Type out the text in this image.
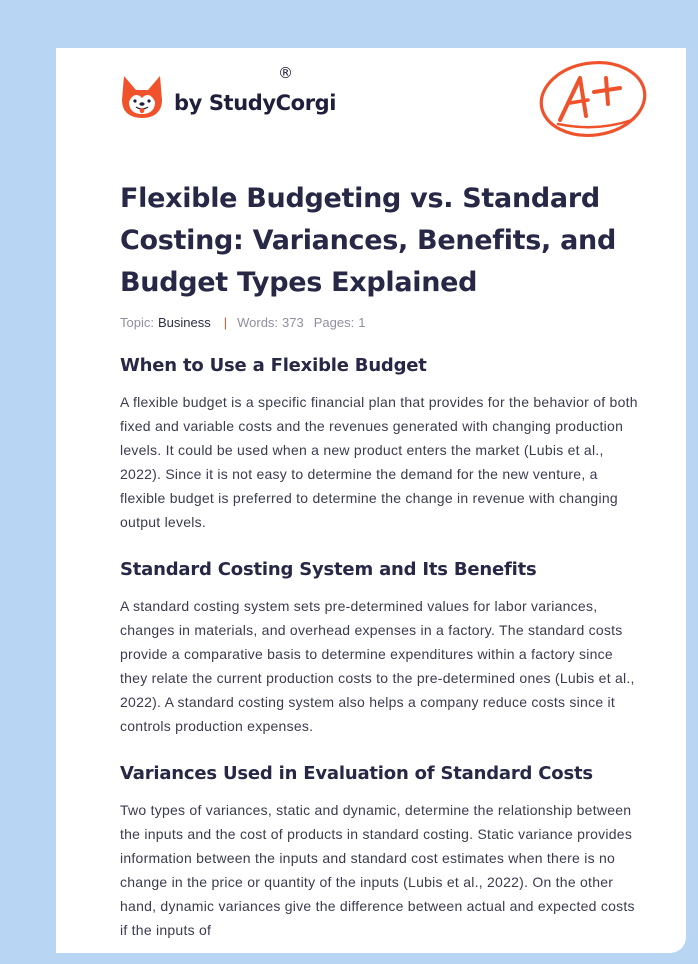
by StudyCorgi
®
Flexible Budgeting vs. Standard Costing: Variances, Benefits, and Budget Types Explained
Topic: Business | Words: 373 Pages: 1
When to Use a Flexible Budget

A flexible budget is a specific financial plan that provides for the behavior of both fixed and variable costs and the revenues generated with changing production levels. It could be used when a new product enters the market (Lubis et al., 2022). Since it is not easy to determine the demand for the new venture, a flexible budget is preferred to determine the change in revenue with changing output levels.

Standard Costing System and Its Benefits

A standard costing system sets pre-determined values for labor variances, changes in materials, and overhead expenses in a factory. The standard costs provide a comparative basis to determine expenditures within a factory since they relate the current production costs to the pre-determined ones (Lubis et al., 2022). A standard costing system also helps a company reduce costs since it controls production expenses.

Variances Used in Evaluation of Standard Costs

Two types of variances, static and dynamic, determine the relationship between the inputs and the cost of products in standard costing. Static variance provides information between the inputs and standard cost estimates when there is no change in the price or quantity of the inputs (Lubis et al., 2022). On the other hand, dynamic variances give the difference between actual and expected costs if the inputs of
